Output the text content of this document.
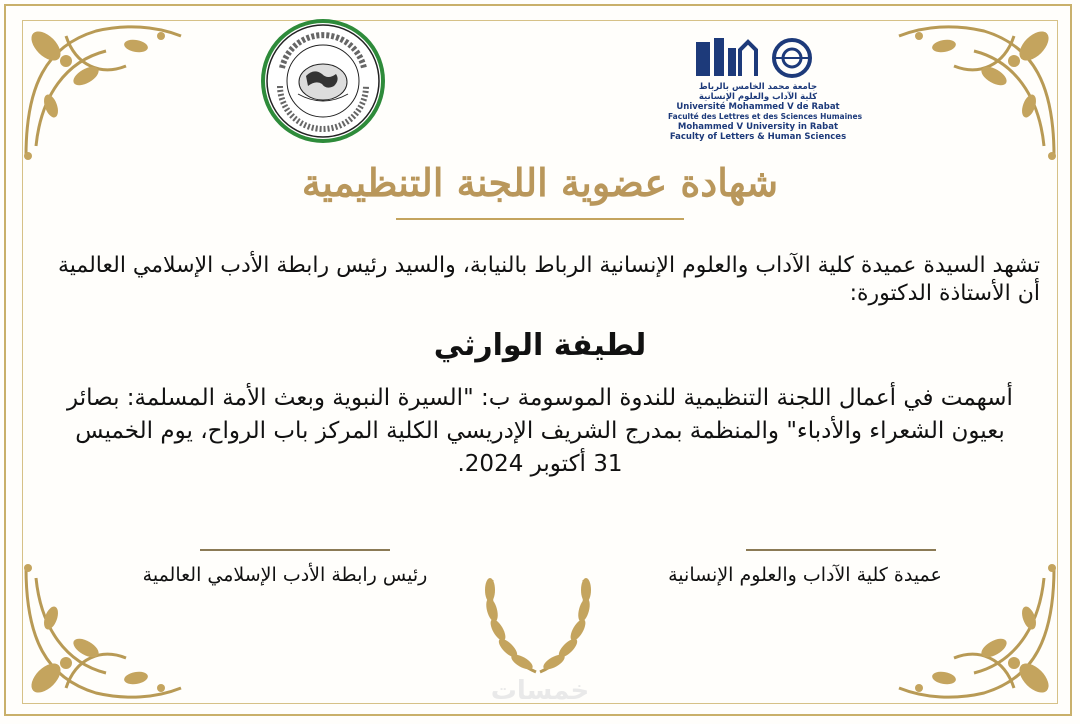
جامعة محمد الخامس بالرباط
كلية الآداب والعلوم الإنسانية
Université Mohammed V de Rabat
Faculté des Lettres et des Sciences Humaines
Mohammed V University in Rabat
Faculty of Letters & Human Sciences
شهادة عضوية اللجنة التنظيمية
تشهد السيدة عميدة كلية الآداب والعلوم الإنسانية الرباط بالنيابة، والسيد رئيس رابطة الأدب الإسلامي العالمية أن الأستاذة الدكتورة:
لطيفة الوارثي
أسهمت في أعمال اللجنة التنظيمية للندوة الموسومة ب: "السيرة النبوية وبعث الأمة المسلمة: بصائر بعيون الشعراء والأدباء" والمنظمة بمدرج الشريف الإدريسي الكلية المركز باب الرواح، يوم الخميس 31 أكتوبر 2024.
رئيس رابطة الأدب الإسلامي العالمية	عميدة كلية الآداب والعلوم الإنسانية
خمسات
